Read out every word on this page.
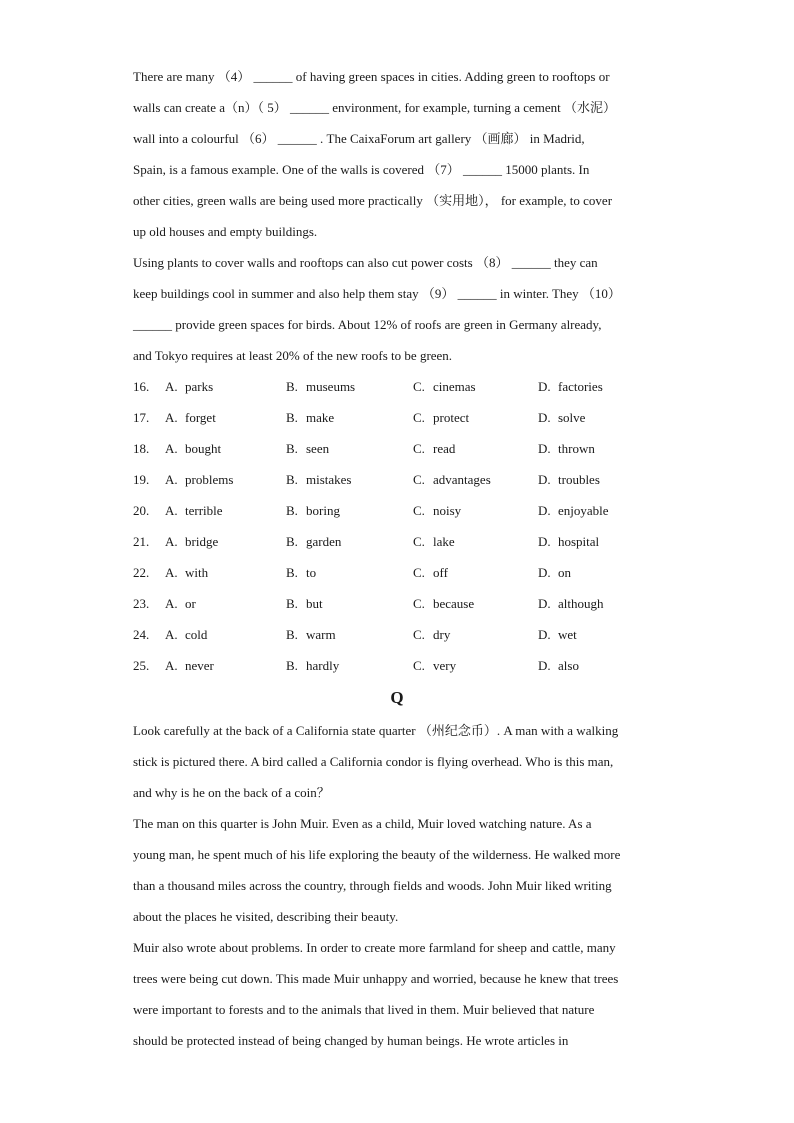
There are many （4） ______ of having green spaces in cities. Adding green to rooftops or
walls can create a（n）（ 5） ______ environment, for example, turning a cement （水泥）
wall into a colourful （6） ______ . The CaixaForum art gallery （画廊） in Madrid,
Spain, is a famous example. One of the walls is covered （7） ______ 15000 plants. In
other cities, green walls are being used more practically （实用地）， for example, to cover
up old houses and empty buildings.
Using plants to cover walls and rooftops can also cut power costs （8） ______ they can
keep buildings cool in summer and also help them stay （9） ______ in winter. They （10）
______ provide green spaces for birds. About 12% of roofs are green in Germany already,
and Tokyo requires at least 20% of the new roofs to be green.
16.	A. parks	B. museums	C. cinemas	D. factories
17.	A. forget	B. make	C. protect	D. solve
18.	A. bought	B. seen	C. read	D. thrown
19.	A. problems	B. mistakes	C. advantages	D. troubles
20.	A. terrible	B. boring	C. noisy	D. enjoyable
21.	A. bridge	B. garden	C. lake	D. hospital
22.	A. with	B. to	C. off	D. on
23.	A. or	B. but	C. because	D. although
24.	A. cold	B. warm	C. dry	D. wet
25.	A. never	B. hardly	C. very	D. also
Q
Look carefully at the back of a California state quarter （州纪念币）. A man with a walking
stick is pictured there. A bird called a California condor is flying overhead. Who is this man,
and why is he on the back of a coin？
The man on this quarter is John Muir. Even as a child, Muir loved watching nature. As a
young man, he spent much of his life exploring the beauty of the wilderness. He walked more
than a thousand miles across the country, through fields and woods. John Muir liked writing
about the places he visited, describing their beauty.
Muir also wrote about problems. In order to create more farmland for sheep and cattle, many
trees were being cut down. This made Muir unhappy and worried, because he knew that trees
were important to forests and to the animals that lived in them. Muir believed that nature
should be protected instead of being changed by human beings. He wrote articles in
